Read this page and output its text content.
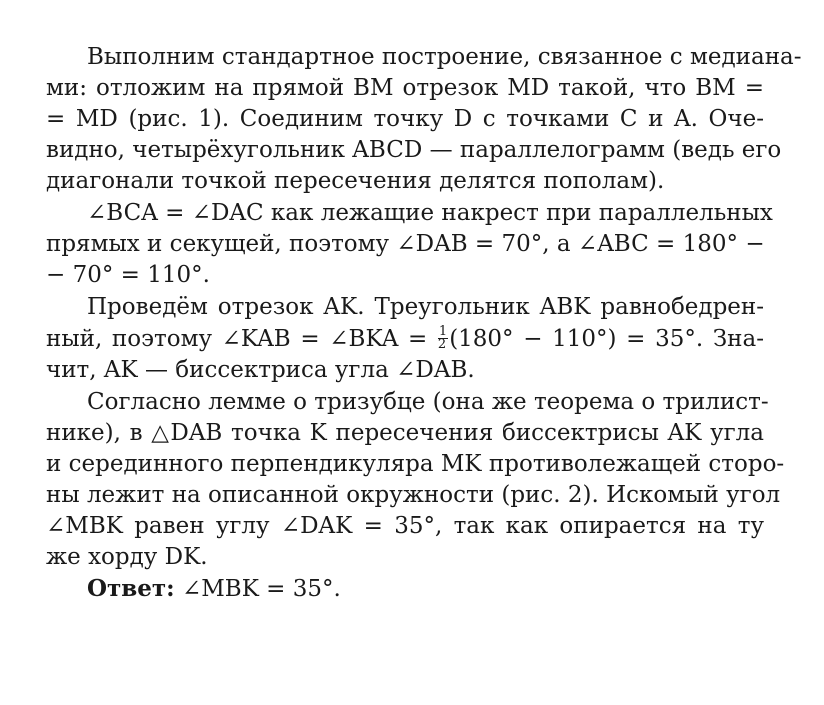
Выполним стандартное построение, связанное с медиана-
ми: отложим на прямой BM отрезок MD такой, что BM =
= MD (рис. 1). Соединим точку D с точками C и A. Оче-
видно, четырёхугольник ABCD — параллелограмм (ведь его
диагонали точкой пересечения делятся пополам).
∠BCA = ∠DAC как лежащие накрест при параллельных
прямых и секущей, поэтому ∠DAB = 70°, а ∠ABC = 180° −
− 70° = 110°.
Проведём отрезок AK. Треугольник ABK равнобедрен-
ный, поэтому ∠KAB = ∠BKA = $\frac{1}{2} (180^\circ - 110^\circ) = 35^\circ$. Зна-
чит, AK — биссектриса угла ∠DAB.
Согласно лемме о тризубце (она же теорема о трилист-
нике), в △DAB точка K пересечения биссектрисы AK угла
и серединного перпендикуляра MK противолежащей сторо-
ны лежит на описанной окружности (рис. 2). Искомый угол
∠MBK равен углу ∠DAK = 35°, так как опирается на ту
же хорду DK.
Ответ: ∠MBK = 35°.
